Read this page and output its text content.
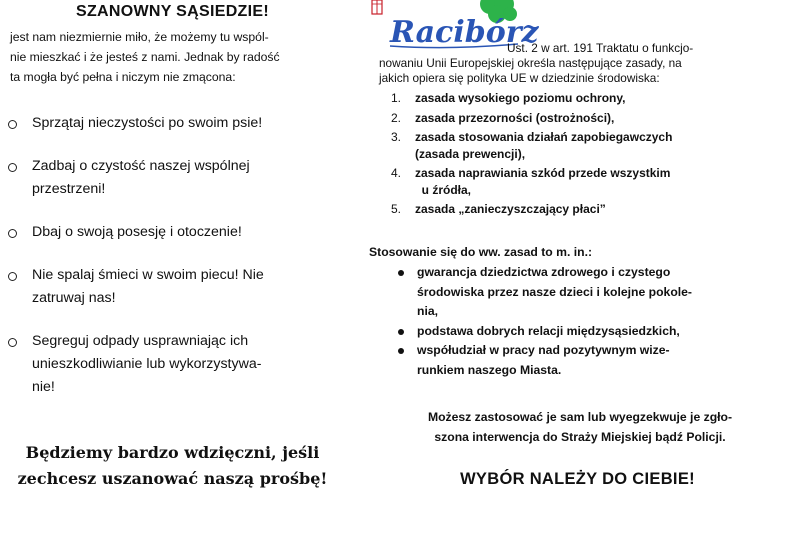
SZANOWNY SĄSIEDZIE!
jest nam niezmiernie miło, że możemy tu wspól-
nie mieszkać i że jesteś z nami. Jednak by radość
ta mogła być pełna i niczym nie zmącona:
Sprzątaj nieczystości po swoim psie!
Zadbaj o czystość naszej wspólnej
przestrzeni!
Dbaj o swoją posesję i otoczenie!
Nie spalaj śmieci w swoim piecu! Nie
zatruwaj nas!
Segreguj odpady usprawniając ich
unieszkodliwianie lub wykorzystywa-
nie!
Będziemy bardzo wdzięczni, jeśli
zechcesz uszanować naszą prośbę!
Racibórz
Ust. 2 w art. 191 Traktatu o funkcjo-
nowaniu Unii Europejskiej określa następujące zasady, na
jakich opiera się polityka UE w dziedzinie środowiska:
1. zasada wysokiego poziomu ochrony,
2. zasada przezorności (ostrożności),
3. zasada stosowania działań zapobiegawczych
(zasada prewencji),
4. zasada naprawiania szkód przede wszystkim
u źródła,
5. zasada „zanieczyszczający płaci”
Stosowanie się do ww. zasad to m. in.:
gwarancja dziedzictwa zdrowego i czystego
środowiska przez nasze dzieci i kolejne pokole-
nia,
podstawa dobrych relacji międzysąsiedzkich,
współudział w pracy nad pozytywnym wize-
runkiem naszego Miasta.
Możesz zastosować je sam lub wyegzekwuje je zgło-
szona interwencja do Straży Miejskiej bądź Policji.
WYBÓR NALEŻY DO CIEBIE!
